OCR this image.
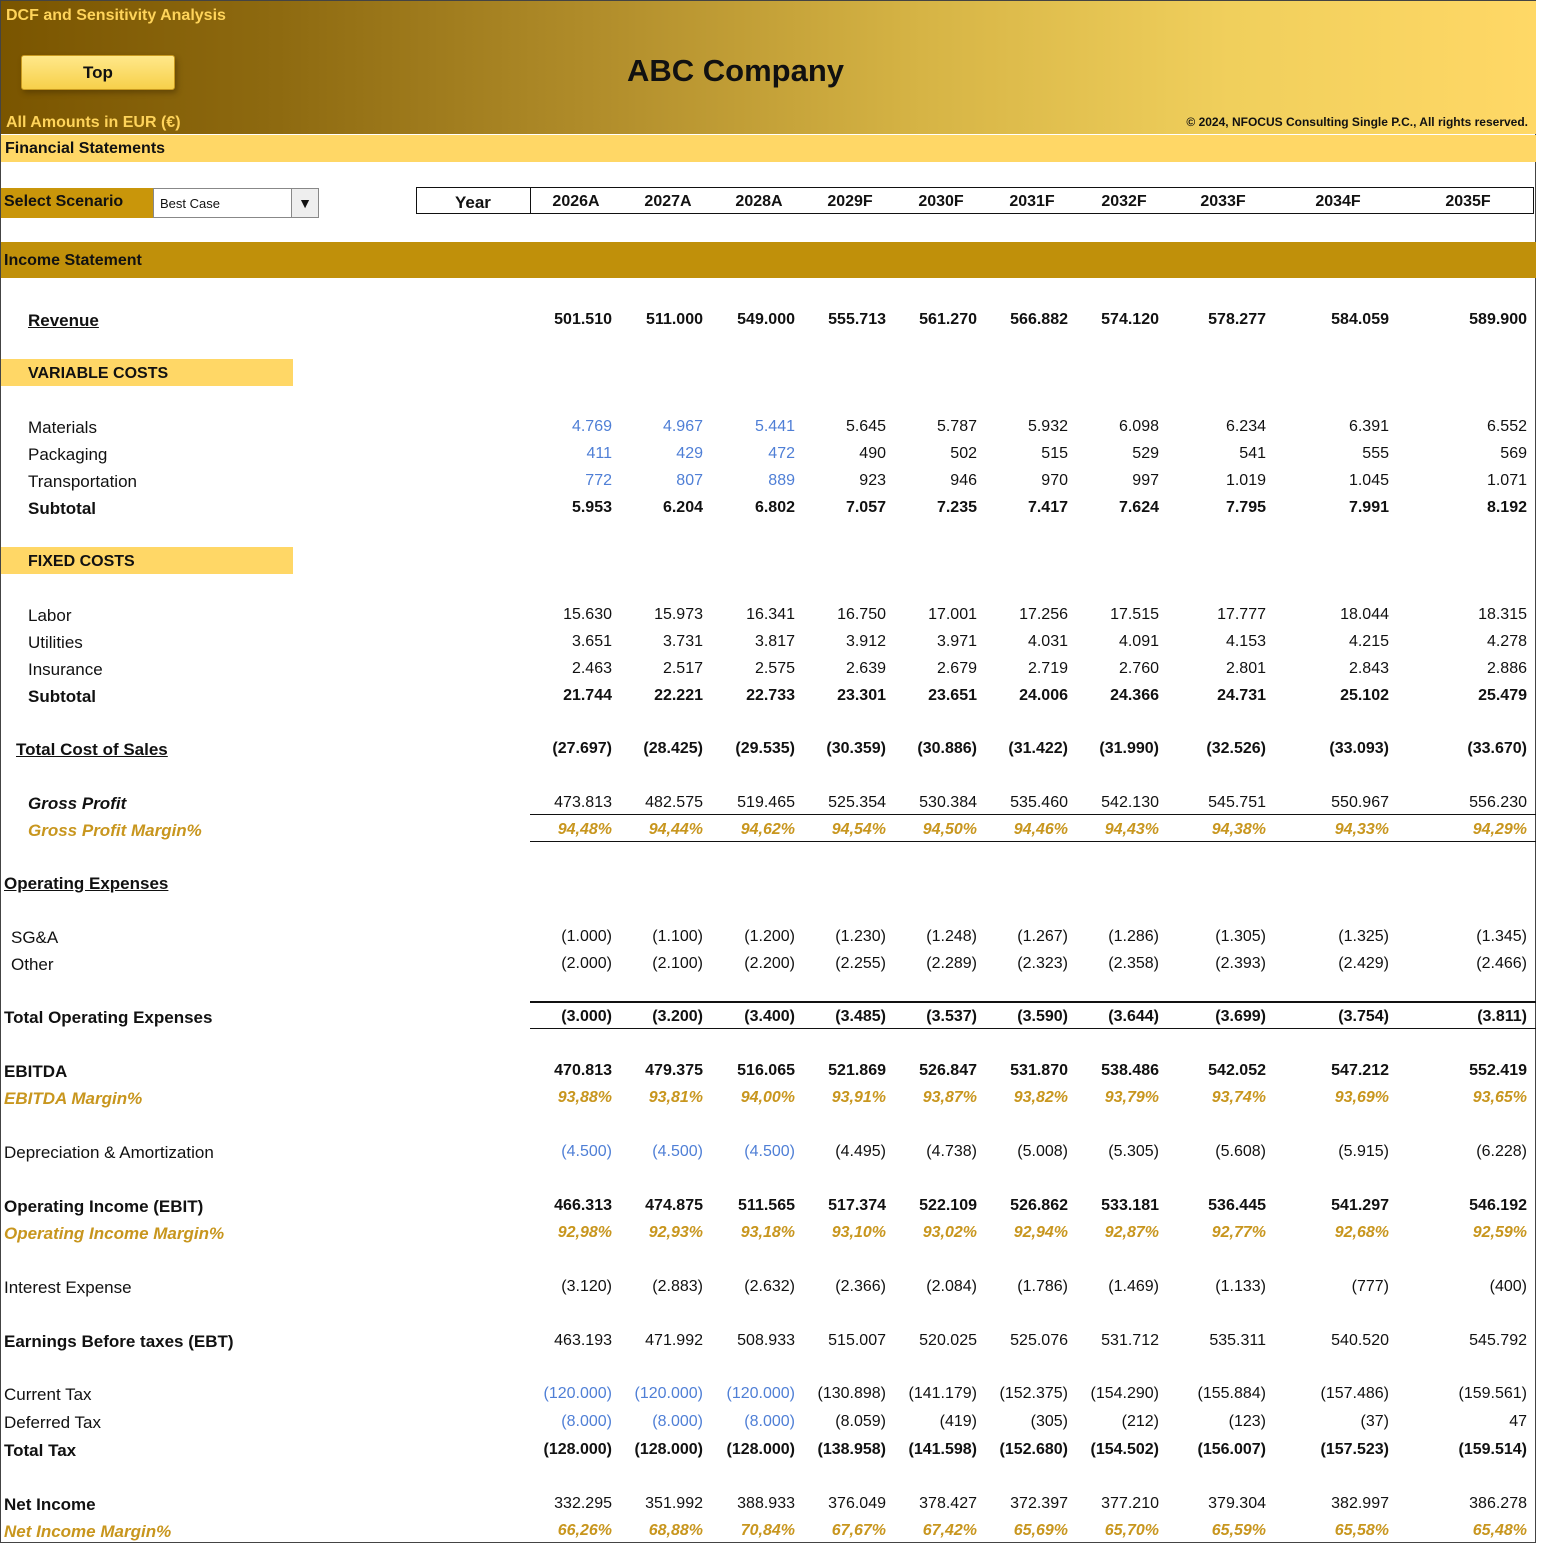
DCF and Sensitivity Analysis
Top	ABC Company
All Amounts in EUR (€)	© 2024, NFOCUS Consulting Single P.C., All rights reserved.
Financial Statements
Select Scenario	Best Case	▼	Year	2026A	2027A	2028A	2029F	2030F	2031F	2032F	2033F	2034F	2035F
Income Statement
VARIABLE COSTS
FIXED COSTS
Operating Expenses
Revenue	501.510 511.000 549.000 555.713 561.270 566.882 574.120	578.277	584.059	589.900
Materials	4.769	4.967	5.441	5.645	5.787	5.932	6.098	6.234	6.391	6.552
Packaging	411	429	472	490	502	515	529	541	555	569
Transportation	772	807	889	923	946	970	997	1.019	1.045	1.071
Subtotal	5.953	6.204	6.802	7.057	7.235	7.417	7.624	7.795	7.991	8.192
Labor	15.630	15.973	16.341	16.750	17.001	17.256	17.515	17.777	18.044	18.315
Utilities	3.651	3.731	3.817	3.912	3.971	4.031	4.091	4.153	4.215	4.278
Insurance	2.463	2.517	2.575	2.639	2.679	2.719	2.760	2.801	2.843	2.886
Subtotal	21.744	22.221	22.733	23.301	23.651	24.006	24.366	24.731	25.102	25.479
Total Cost of Sales	(27.697) (28.425) (29.535) (30.359) (30.886) (31.422) (31.990)	(32.526)	(33.093)	(33.670)
Gross Profit	473.813 482.575 519.465 525.354 530.384 535.460 542.130	545.751	550.967	556.230
Gross Profit Margin%	94,48% 94,44% 94,62% 94,54% 94,50% 94,46% 94,43%	94,38%	94,33%	94,29%
SG&A	(1.000)	(1.100)	(1.200)	(1.230)	(1.248)	(1.267)	(1.286)	(1.305)	(1.325)	(1.345)
Other	(2.000)	(2.100)	(2.200)	(2.255)	(2.289)	(2.323)	(2.358)	(2.393)	(2.429)	(2.466)
Total Operating Expenses	(3.000)	(3.200)	(3.400)	(3.485)	(3.537)	(3.590)	(3.644)	(3.699)	(3.754)	(3.811)
EBITDA	470.813 479.375 516.065 521.869 526.847 531.870 538.486	542.052	547.212	552.419
EBITDA Margin%	93,88% 93,81% 94,00% 93,91% 93,87% 93,82% 93,79%	93,74%	93,69%	93,65%
Depreciation & Amortization	(4.500)	(4.500)	(4.500)	(4.495)	(4.738)	(5.008)	(5.305)	(5.608)	(5.915)	(6.228)
Operating Income (EBIT)	466.313 474.875 511.565 517.374 522.109 526.862 533.181	536.445	541.297	546.192
Operating Income Margin%	92,98% 92,93% 93,18% 93,10% 93,02% 92,94% 92,87%	92,77%	92,68%	92,59%
Interest Expense	(3.120)	(2.883)	(2.632)	(2.366)	(2.084)	(1.786)	(1.469)	(1.133)	(777)	(400)
Earnings Before taxes (EBT)	463.193 471.992 508.933 515.007 520.025 525.076 531.712	535.311	540.520	545.792
Current Tax	(120.000) (120.000) (120.000) (130.898) (141.179) (152.375) (154.290) (155.884)	(157.486)	(159.561)
Deferred Tax	(8.000)	(8.000)	(8.000)	(8.059)	(419)	(305)	(212)	(123)	(37)	47
Total Tax	(128.000) (128.000) (128.000) (138.958) (141.598) (152.680) (154.502) (156.007)	(157.523)	(159.514)
Net Income	332.295 351.992 388.933 376.049 378.427 372.397 377.210	379.304	382.997	386.278
Net Income Margin%	66,26% 68,88% 70,84% 67,67% 67,42% 65,69% 65,70%	65,59%	65,58%	65,48%
